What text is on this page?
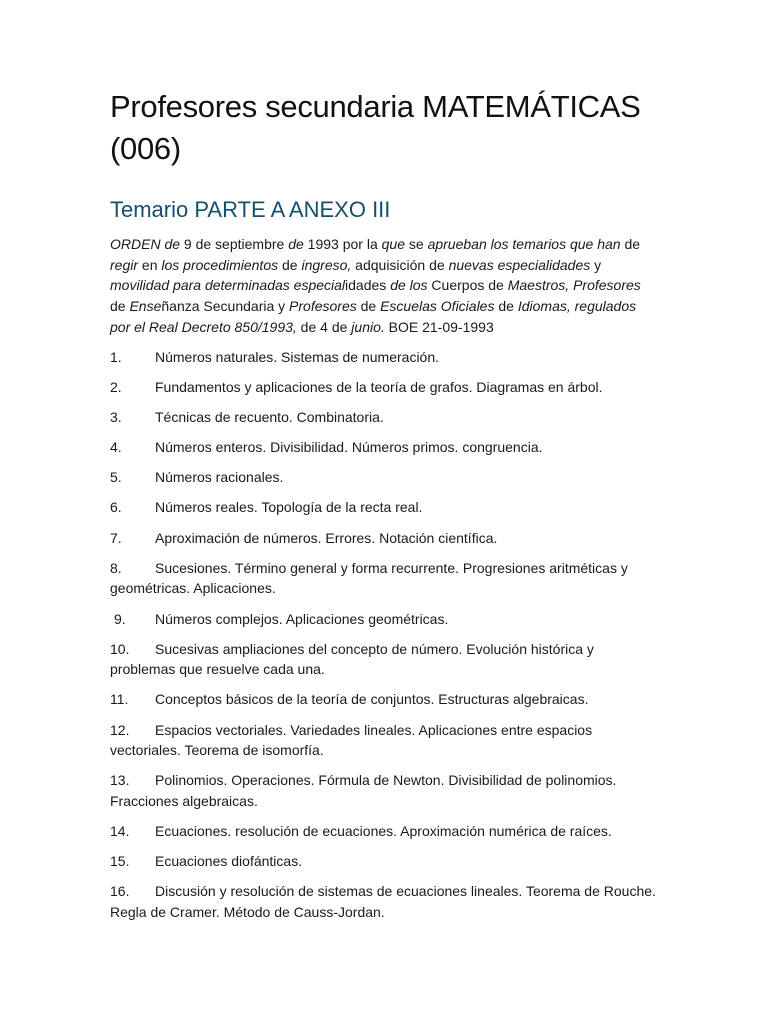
Profesores secundaria MATEMÁTICAS (006)
Temario PARTE A ANEXO III

ORDEN de 9 de septiembre de 1993 por la que se aprueban los temarios que han de regir en los procedimientos de ingreso, adquisición de nuevas especialidades y movilidad para determinadas especialidades de los Cuerpos de Maestros, Profesores de Enseñanza Secundaria y Profesores de Escuelas Oficiales de Idiomas, regulados por el Real Decreto 850/1993, de 4 de junio. BOE 21-09-1993

1. Números naturales. Sistemas de numeración.
2. Fundamentos y aplicaciones de la teoría de grafos. Diagramas en árbol.
3. Técnicas de recuento. Combinatoria.
4. Números enteros. Divisibilidad. Números primos. congruencia.
5. Números racionales.
6. Números reales. Topología de la recta real.
7. Aproximación de números. Errores. Notación científica.
8. Sucesiones. Término general y forma recurrente. Progresiones aritméticas y geométricas. Aplicaciones.
9. Números complejos. Aplicaciones geométricas.
10. Sucesivas ampliaciones del concepto de número. Evolución histórica y problemas que resuelve cada una.
11. Conceptos básicos de la teoría de conjuntos. Estructuras algebraicas.
12. Espacios vectoriales. Variedades lineales. Aplicaciones entre espacios vectoriales. Teorema de isomorfía.
13. Polinomios. Operaciones. Fórmula de Newton. Divisibilidad de polinomios. Fracciones algebraicas.
14. Ecuaciones. resolución de ecuaciones. Aproximación numérica de raíces.
15. Ecuaciones diofánticas.
16. Discusión y resolución de sistemas de ecuaciones lineales. Teorema de Rouche. Regla de Cramer. Método de Causs-Jordan.
